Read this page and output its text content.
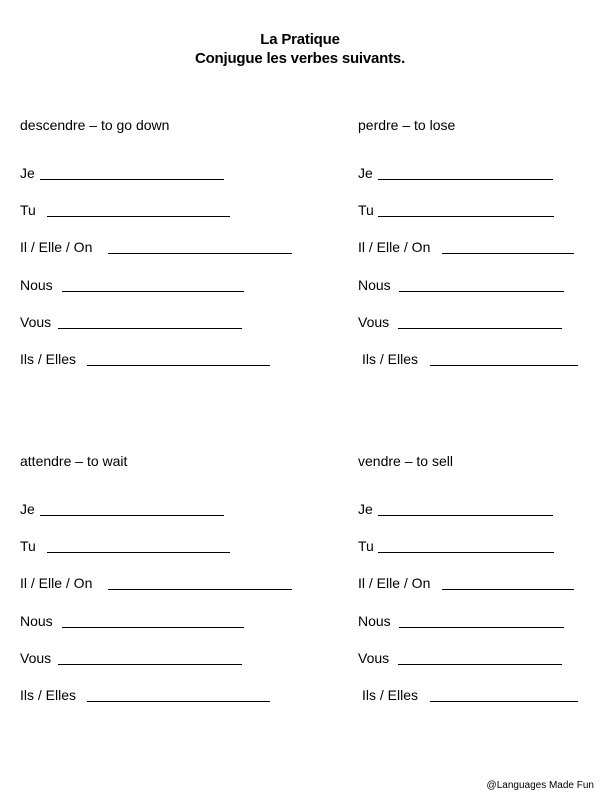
La Pratique
Conjugue les verbes suivants.
descendre – to go down
Je
Tu
Il / Elle / On
Nous
Vous
Ils / Elles
perdre – to lose
Je
Tu
Il / Elle / On
Nous
Vous
Ils / Elles
attendre – to wait
Je
Tu
Il / Elle / On
Nous
Vous
Ils / Elles
vendre – to sell
Je
Tu
Il / Elle / On
Nous
Vous
Ils / Elles
@Languages Made Fun
